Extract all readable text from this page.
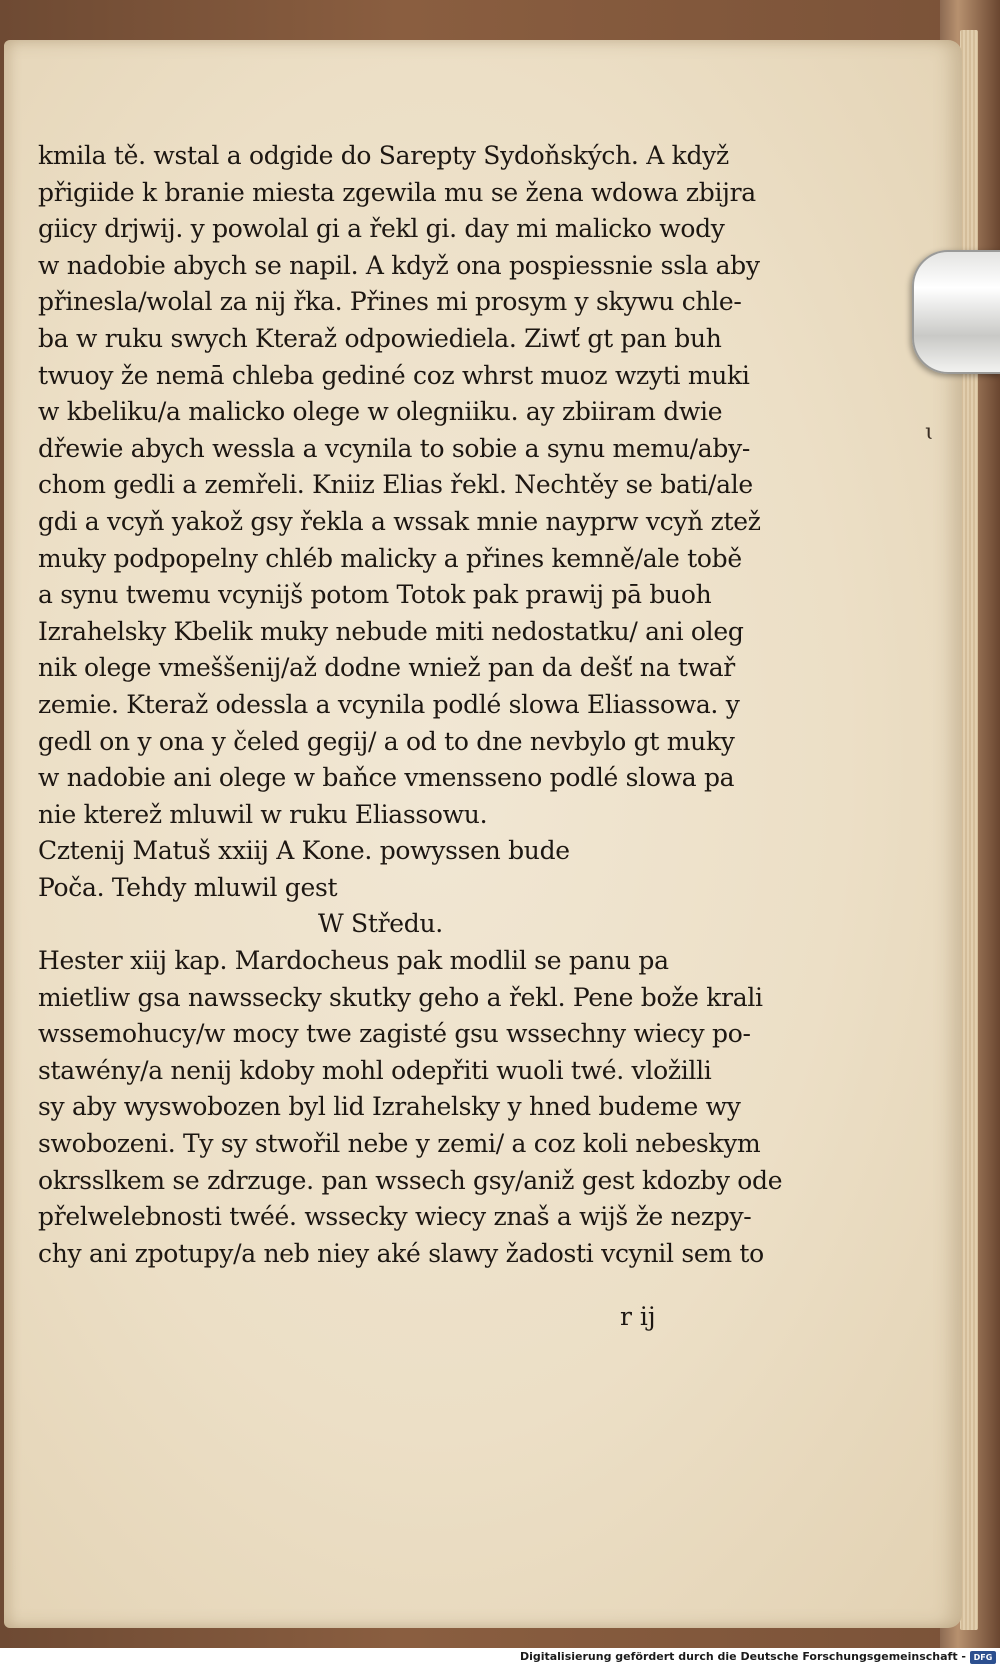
ɩ
kmila tě. wstal a odgide do Sarepty Sydoňských. A když
přigiide k branie miesta zgewila mu se žena wdowa zbijra
giicy drjwij. y powolal gi a řekl gi. day mi malicko wody
w nadobie abych se napil. A když ona pospiessnie ssla aby
přinesla/wolal za nij řka. Přines mi prosym y skywu chle-
ba w ruku swych Kteraž odpowiediela. Ziwť gt pan buh
twuoy že nemā chleba gediné coz whrst muoz wzyti muki
w kbeliku/a malicko olege w olegniiku. ay zbiiram dwie
dřewie abych wessla a vcynila to sobie a synu memu/aby-
chom gedli a zemřeli. Kniiz Elias řekl. Nechtěy se bati/ale
gdi a vcyň yakož gsy řekla a wssak mnie nayprw vcyň ztež
muky podpopelny chléb malicky a přines kemně/ale tobě
a synu twemu vcynijš potom Totok pak prawij pā buoh
Izrahelsky Kbelik muky nebude miti nedostatku/ ani oleg
nik olege vmeššenij/až dodne wniež pan da dešť na twař
zemie. Kteraž odessla a vcynila podlé slowa Eliassowa. y
gedl on y ona y čeled gegij/ a od to dne nevbylo gt muky
w nadobie ani olege w baňce vmensseno podlé slowa pa
nie kterež mluwil w ruku Eliassowu.
Cztenij Matuš xxiij A Kone. powyssen bude
Poča. Tehdy mluwil gest
W Středu.
Hester xiij kap. Mardocheus pak modlil se panu pa
mietliw gsa nawssecky skutky geho a řekl. Pene bože krali
wssemohucy/w mocy twe zagisté gsu wssechny wiecy po-
stawény/a nenij kdoby mohl odepřiti wuoli twé. vložilli
sy aby wyswobozen byl lid Izrahelsky y hned budeme wy
swobozeni. Ty sy stwořil nebe y zemi/ a coz koli nebeskym
okrsslkem se zdrzuge. pan wssech gsy/aniž gest kdozby ode
přelwelebnosti twéé. wssecky wiecy znaš a wijš že nezpy-
chy ani zpotupy/a neb niey aké slawy žadosti vcynil sem to
r ij
Digitalisierung gefördert durch die Deutsche Forschungsgemeinschaft - DFG
